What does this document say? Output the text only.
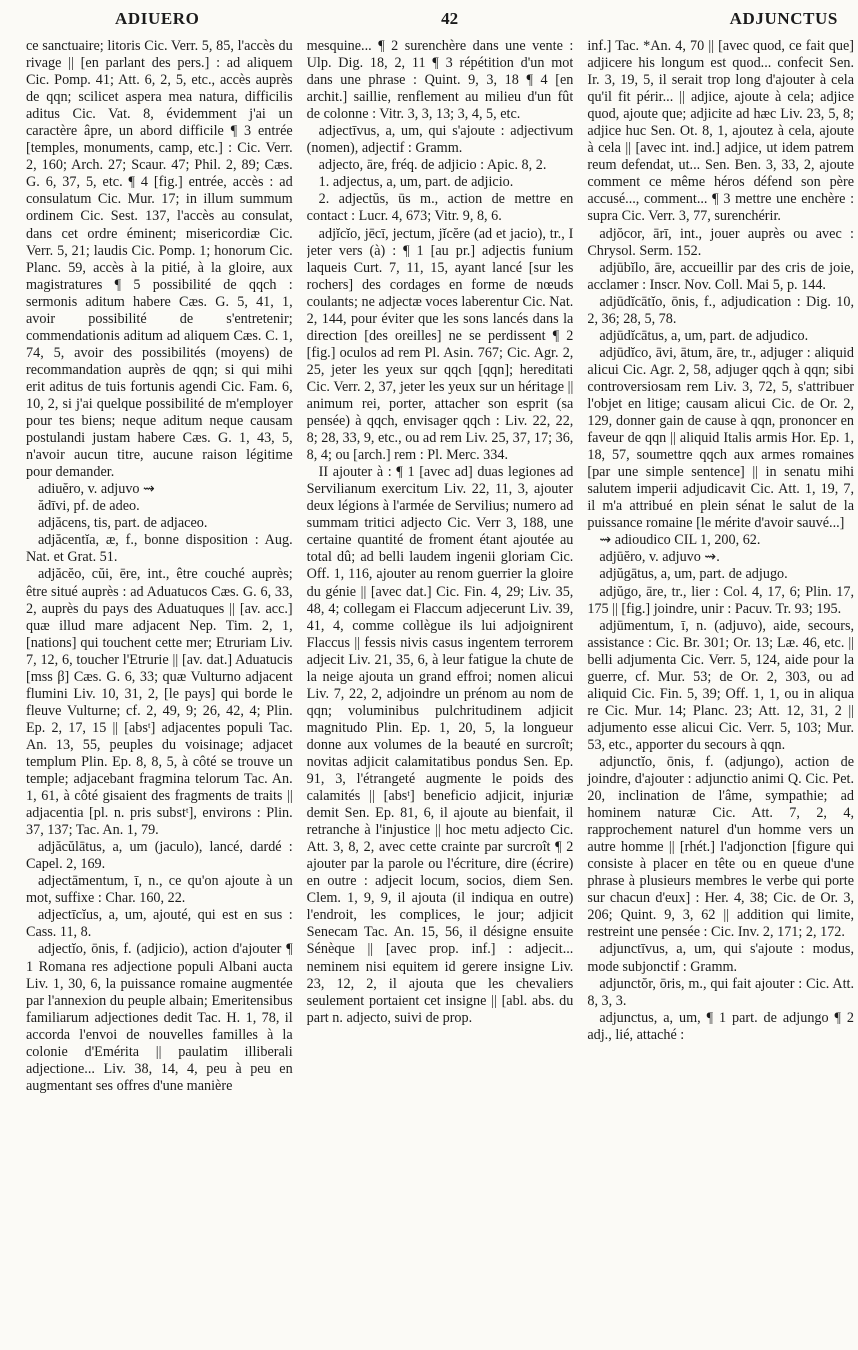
ADIUERO	42	ADJUNCTUS

ce sanctuaire; litoris Cic. Verr. 5, 85, l'accès du rivage || [en parlant des pers.] : ad aliquem Cic. Pomp. 41; Att. 6, 2, 5, etc., accès auprès de qqn; scilicet aspera mea natura, difficilis aditus Cic. Vat. 8, évidemment j'ai un caractère âpre, un abord difficile ¶ 3 entrée [temples, monuments, camp, etc.] : Cic. Verr. 2, 160; Arch. 27; Scaur. 47; Phil. 2, 89; Cæs. G. 6, 37, 5, etc. ¶ 4 [fig.] entrée, accès : ad consulatum Cic. Mur. 17; in illum summum ordinem Cic. Sest. 137, l'accès au consulat, dans cet ordre éminent; misericordiæ Cic. Verr. 5, 21; laudis Cic. Pomp. 1; honorum Cic. Planc. 59, accès à la pitié, à la gloire, aux magistratures ¶ 5 possibilité de qqch : sermonis aditum habere Cæs. G. 5, 41, 1, avoir possibilité de s'entretenir; commendationis aditum ad aliquem Cæs. C. 1, 74, 5, avoir des possibilités (moyens) de recommandation auprès de qqn; si qui mihi erit aditus de tuis fortunis agendi Cic. Fam. 6, 10, 2, si j'ai quelque possibilité de m'employer pour tes biens; neque aditum neque causam postulandi justam habere Cæs. G. 1, 43, 5, n'avoir aucun titre, aucune raison légitime pour demander.

adiuĕro, v. adjuvo ⇝

ădīvi, pf. de adeo.

adjăcens, tis, part. de adjaceo.

adjăcentĭa, æ, f., bonne disposition : Aug. Nat. et Grat. 51.

adjăcĕo, cŭi, ēre, int., être couché auprès; être situé auprès : ad Aduatucos Cæs. G. 6, 33, 2, auprès du pays des Aduatuques || [av. acc.] quæ illud mare adjacent Nep. Tim. 2, 1, [nations] qui touchent cette mer; Etruriam Liv. 7, 12, 6, toucher l'Etrurie || [av. dat.] Aduatucis [mss β] Cæs. G. 6, 33; quæ Vulturno adjacent flumini Liv. 10, 31, 2, [le pays] qui borde le fleuve Vulturne; cf. 2, 49, 9; 26, 42, 4; Plin. Ep. 2, 17, 15 || [absᵗ] adjacentes populi Tac. An. 13, 55, peuples du voisinage; adjacet templum Plin. Ep. 8, 8, 5, à côté se trouve un temple; adjacebant fragmina telorum Tac. An. 1, 61, à côté gisaient des fragments de traits || adjacentia [pl. n. pris substᵗ], environs : Plin. 37, 137; Tac. An. 1, 79.

adjăcŭlātus, a, um (jaculo), lancé, dardé : Capel. 2, 169.

adjectāmentum, ī, n., ce qu'on ajoute à un mot, suffixe : Char. 160, 22.

adjectīcĭus, a, um, ajouté, qui est en sus : Cass. 11, 8.

adjectĭo, ōnis, f. (adjicio), action d'ajouter ¶ 1 Romana res adjectione populi Albani aucta Liv. 1, 30, 6, la puissance romaine augmentée par l'annexion du peuple albain; Emeritensibus familiarum adjectiones dedit Tac. H. 1, 78, il accorda l'envoi de nouvelles familles à la colonie d'Emérita || paulatim illiberali adjectione... Liv. 38, 14, 4, peu à peu en augmentant ses offres d'une manière

mesquine... ¶ 2 surenchère dans une vente : Ulp. Dig. 18, 2, 11 ¶ 3 répétition d'un mot dans une phrase : Quint. 9, 3, 18 ¶ 4 [en archit.] saillie, renflement au milieu d'un fût de colonne : Vitr. 3, 3, 13; 3, 4, 5, etc.

adjectīvus, a, um, qui s'ajoute : adjectivum (nomen), adjectif : Gramm.

adjecto, āre, fréq. de adjicio : Apic. 8, 2.

1. adjectus, a, um, part. de adjicio.

2. adjectŭs, ūs m., action de mettre en contact : Lucr. 4, 673; Vitr. 9, 8, 6.

adjĭcĭo, jēcī, jectum, jĭcĕre (ad et jacio), tr., I jeter vers (à) : ¶ 1 [au pr.] adjectis funium laqueis Curt. 7, 11, 15, ayant lancé [sur les rochers] des cordages en forme de nœuds coulants; ne adjectæ voces laberentur Cic. Nat. 2, 144, pour éviter que les sons lancés dans la direction [des oreilles] ne se perdissent ¶ 2 [fig.] oculos ad rem Pl. Asin. 767; Cic. Agr. 2, 25, jeter les yeux sur qqch [qqn]; hereditati Cic. Verr. 2, 37, jeter les yeux sur un héritage || animum rei, porter, attacher son esprit (sa pensée) à qqch, envisager qqch : Liv. 22, 22, 8; 28, 33, 9, etc., ou ad rem Liv. 25, 37, 17; 36, 8, 4; ou [arch.] rem : Pl. Merc. 334.

II ajouter à : ¶ 1 [avec ad] duas legiones ad Servilianum exercitum Liv. 22, 11, 3, ajouter deux légions à l'armée de Servilius; numero ad summam tritici adjecto Cic. Verr 3, 188, une certaine quantité de froment étant ajoutée au total dû; ad belli laudem ingenii gloriam Cic. Off. 1, 116, ajouter au renom guerrier la gloire du génie || [avec dat.] Cic. Fin. 4, 29; Liv. 35, 48, 4; collegam ei Flaccum adjecerunt Liv. 39, 41, 4, comme collègue ils lui adjoignirent Flaccus || fessis nivis casus ingentem terrorem adjecit Liv. 21, 35, 6, à leur fatigue la chute de la neige ajouta un grand effroi; nomen alicui Liv. 7, 22, 2, adjoindre un prénom au nom de qqn; voluminibus pulchritudinem adjicit magnitudo Plin. Ep. 1, 20, 5, la longueur donne aux volumes de la beauté en surcroît; novitas adjicit calamitatibus pondus Sen. Ep. 91, 3, l'étrangeté augmente le poids des calamités || [absᵗ] beneficio adjicit, injuriæ demit Sen. Ep. 81, 6, il ajoute au bienfait, il retranche à l'injustice || hoc metu adjecto Cic. Att. 3, 8, 2, avec cette crainte par surcroît ¶ 2 ajouter par la parole ou l'écriture, dire (écrire) en outre : adjecit locum, socios, diem Sen. Clem. 1, 9, 9, il ajouta (il indiqua en outre) l'endroit, les complices, le jour; adjicit Senecam Tac. An. 15, 56, il désigne ensuite Sénèque || [avec prop. inf.] : adjecit... neminem nisi equitem id gerere insigne Liv. 23, 12, 2, il ajouta que les chevaliers seulement portaient cet insigne || [abl. abs. du part n. adjecto, suivi de prop.

inf.] Tac. *An. 4, 70 || [avec quod, ce fait que] adjicere his longum est quod... confecit Sen. Ir. 3, 19, 5, il serait trop long d'ajouter à cela qu'il fit périr... || adjice, ajoute à cela; adjice quod, ajoute que; adjicite ad hæc Liv. 23, 5, 8; adjice huc Sen. Ot. 8, 1, ajoutez à cela, ajoute à cela || [avec int. ind.] adjice, ut idem patrem reum defendat, ut... Sen. Ben. 3, 33, 2, ajoute comment ce même héros défend son père accusé..., comment... ¶ 3 mettre une enchère : supra Cic. Verr. 3, 77, surenchérir.

adjŏcor, ārī, int., jouer auprès ou avec : Chrysol. Serm. 152.

adjūbĭlo, āre, accueillir par des cris de joie, acclamer : Inscr. Nov. Coll. Mai 5, p. 144.

adjūdĭcātĭo, ōnis, f., adjudication : Dig. 10, 2, 36; 28, 5, 78.

adjūdĭcātus, a, um, part. de adjudico.

adjūdĭco, āvi, ātum, āre, tr., adjuger : aliquid alicui Cic. Agr. 2, 58, adjuger qqch à qqn; sibi controversiosam rem Liv. 3, 72, 5, s'attribuer l'objet en litige; causam alicui Cic. de Or. 2, 129, donner gain de cause à qqn, prononcer en faveur de qqn || aliquid Italis armis Hor. Ep. 1, 18, 57, soumettre qqch aux armes romaines [par une simple sentence] || in senatu mihi salutem imperii adjudicavit Cic. Att. 1, 19, 7, il m'a attribué en plein sénat le salut de la puissance romaine [le mérite d'avoir sauvé...]

⇝ adioudico CIL 1, 200, 62.

adjūĕro, v. adjuvo ⇝.

adjŭgātus, a, um, part. de adjugo.

adjŭgo, āre, tr., lier : Col. 4, 17, 6; Plin. 17, 175 || [fig.] joindre, unir : Pacuv. Tr. 93; 195.

adjūmentum, ī, n. (adjuvo), aide, secours, assistance : Cic. Br. 301; Or. 13; Læ. 46, etc. || belli adjumenta Cic. Verr. 5, 124, aide pour la guerre, cf. Mur. 53; de Or. 2, 303, ou ad aliquid Cic. Fin. 5, 39; Off. 1, 1, ou in aliqua re Cic. Mur. 14; Planc. 23; Att. 12, 31, 2 || adjumento esse alicui Cic. Verr. 5, 103; Mur. 53, etc., apporter du secours à qqn.

adjunctĭo, ōnis, f. (adjungo), action de joindre, d'ajouter : adjunctio animi Q. Cic. Pet. 20, inclination de l'âme, sympathie; ad hominem naturæ Cic. Att. 7, 2, 4, rapprochement naturel d'un homme vers un autre homme || [rhét.] l'adjonction [figure qui consiste à placer en tête ou en queue d'une phrase à plusieurs membres le verbe qui porte sur chacun d'eux] : Her. 4, 38; Cic. de Or. 3, 206; Quint. 9, 3, 62 || addition qui limite, restreint une pensée : Cic. Inv. 2, 171; 2, 172.

adjunctīvus, a, um, qui s'ajoute : modus, mode subjonctif : Gramm.

adjunctŏr, ōris, m., qui fait ajouter : Cic. Att. 8, 3, 3.

adjunctus, a, um, ¶ 1 part. de adjungo ¶ 2 adj., lié, attaché :
